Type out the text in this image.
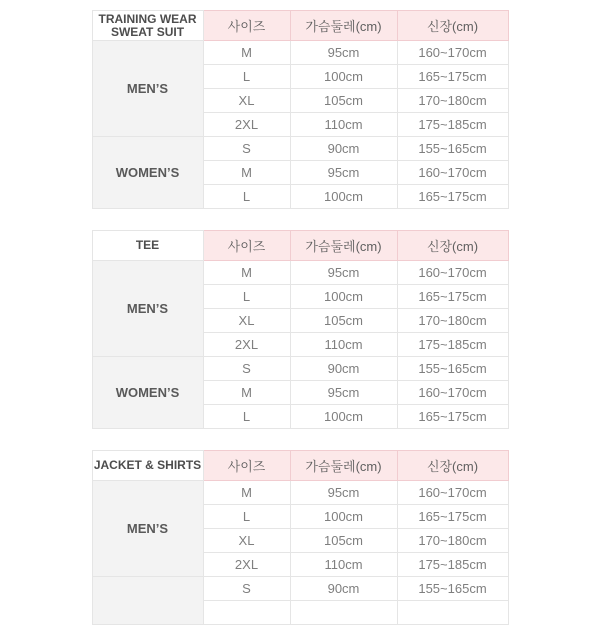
TRAINING WEAR
SWEAT SUIT	사이즈	가슴둘레(cm)	신장(cm)
MEN’S	M	95cm	160~170cm
	L	100cm	165~175cm
	XL	105cm	170~180cm
	2XL	110cm	175~185cm
WOMEN’S	S	90cm	155~165cm
	M	95cm	160~170cm
	L	100cm	165~175cm
TEE	사이즈	가슴둘레(cm)	신장(cm)
MEN’S	M	95cm	160~170cm
	L	100cm	165~175cm
	XL	105cm	170~180cm
	2XL	110cm	175~185cm
WOMEN’S	S	90cm	155~165cm
	M	95cm	160~170cm
	L	100cm	165~175cm
JACKET & SHIRTS	사이즈	가슴둘레(cm)	신장(cm)
MEN’S	M	95cm	160~170cm
	L	100cm	165~175cm
	XL	105cm	170~180cm
	2XL	110cm	175~185cm
	S	90cm	155~165cm
